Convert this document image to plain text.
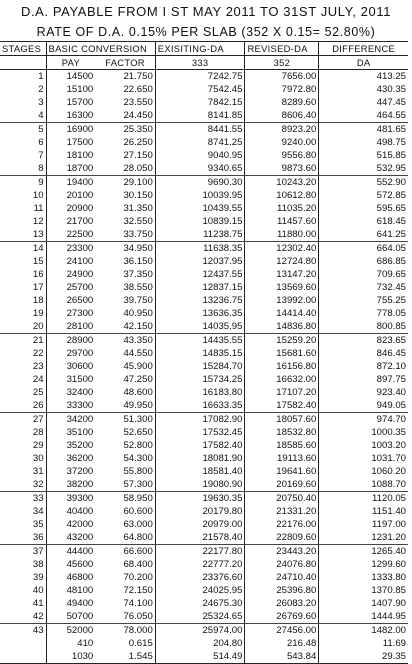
D.A. PAYABLE FROM I ST MAY 2011 TO 31ST JULY, 2011
RATE OF D.A. 0.15% PER SLAB (352 X 0.15= 52.80%)
STAGES	BASIC CONVERSION		EXISITING-DA	REVISED-DA	DIFFERENCE
	PAY	FACTOR	333	352	DA
1	14500	21.750	7242.75	7656.00	413.25
2	15100	22.650	7542.45	7972.80	430.35
3	15700	23.550	7842.15	8289.60	447.45
4	16300	24.450	8141.85	8606.40	464.55
5	16900	25.350	8441.55	8923.20	481.65
6	17500	26.250	8741.25	9240.00	498.75
7	18100	27.150	9040.95	9556.80	515.85
8	18700	28.050	9340.65	9873.60	532.95
9	19400	29.100	9690.30	10243.20	552.90
10	20100	30.150	10039.95	10612.80	572.85
11	20900	31.350	10439.55	11035.20	595.65
12	21700	32.550	10839.15	11457.60	618.45
13	22500	33.750	11238.75	11880.00	641.25
14	23300	34.950	11638.35	12302.40	664.05
15	24100	36.150	12037.95	12724.80	686.85
16	24900	37.350	12437.55	13147.20	709.65
17	25700	38.550	12837.15	13569.60	732.45
18	26500	39.750	13236.75	13992.00	755.25
19	27300	40.950	13636.35	14414.40	778.05
20	28100	42.150	14035.95	14836.80	800.85
21	28900	43.350	14435.55	15259.20	823.65
22	29700	44.550	14835.15	15681.60	846.45
23	30600	45.900	15284.70	16156.80	872.10
24	31500	47.250	15734.25	16632.00	897.75
25	32400	48.600	16183.80	17107.20	923.40
26	33300	49.950	16633.35	17582.40	949.05
27	34200	51.300	17082.90	18057.60	974.70
28	35100	52.650	17532.45	18532.80	1000.35
29	35200	52.800	17582.40	18585.60	1003.20
30	36200	54.300	18081.90	19113.60	1031.70
31	37200	55.800	18581.40	19641.60	1060.20
32	38200	57.300	19080.90	20169.60	1088.70
33	39300	58.950	19630.35	20750.40	1120.05
34	40400	60.600	20179.80	21331.20	1151.40
35	42000	63.000	20979.00	22176.00	1197.00
36	43200	64.800	21578.40	22809.60	1231.20
37	44400	66.600	22177.80	23443.20	1265.40
38	45600	68.400	22777.20	24076.80	1299.60
39	46800	70.200	23376.60	24710.40	1333.80
40	48100	72.150	24025.95	25396.80	1370.85
41	49400	74.100	24675.30	26083.20	1407.90
42	50700	76.050	25324.65	26769.60	1444.95
43	52000	78.000	25974.00	27456.00	1482.00
	410	0.615	204.80	216.48	11.69
	1030	1.545	514.49	543.84	29.35
